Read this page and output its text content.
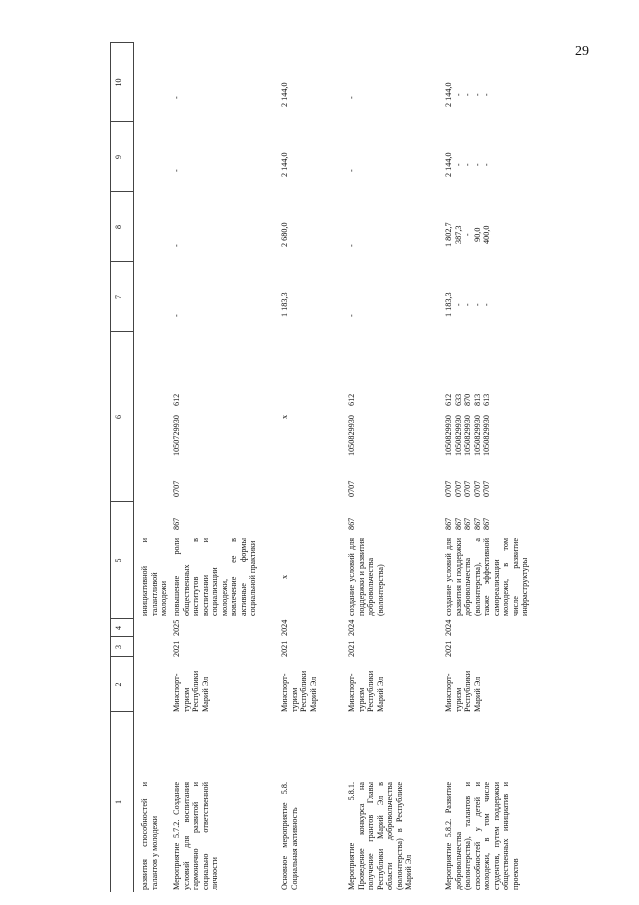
29
1
2
3
4
5
6
7
8
9
10
развития способностей и талантов у молодежи
инициативной и талантливой молодежи
Мероприятие 5.7.2. Создание условий для воспитания гармонично развитой и социально ответственной личности
Минспорт-туризм Республики Марий Эл
2021
2025
повышение роли общественных институтов в воспитании и социализации молодежи, вовлечение ее в активные формы социальной практики
867
0707
1050729930
612
-
-
-
-
Основное мероприятие 5.8. Социальная активность
Минспорт-туризм Республики Марий Эл
2021
2024
x
x
1 183,3
2 680,0
2 144,0
2 144,0
Мероприятие 5.8.1. Проведение конкурса на получение грантов Главы Республики Марий Эл в области добровольчества (волонтерства) в Республике Марий Эл
Минспорт-туризм Республики Марий Эл
2021
2024
создание условий для поддержки и развития добровольчества (волонтерства)
867
0707
1050829930
612
-
-
-
-
Мероприятие 5.8.2. Развитие добровольчества (волонтерства), талантов и способностей у детей и молодежи, в том числе студентов, путем поддержки общественных инициатив и проектов
Минспорт-туризм Республики Марий Эл
2021
2024
создание условий для развития и поддержки добровольчества (волонтерства), а также эффективной самореализации молодежи, в том числе развитие инфраструктуры
867
867
867
867
867
0707
0707
0707
0707
0707
1050829930
1050829930
1050829930
1050829930
1050829930
612
633
870
813
613
1 183,3
-
-
-
-
1 802,7
387,3
-
90,0
400,0
2 144,0
-
-
-
-
2 144,0
-
-
-
-
